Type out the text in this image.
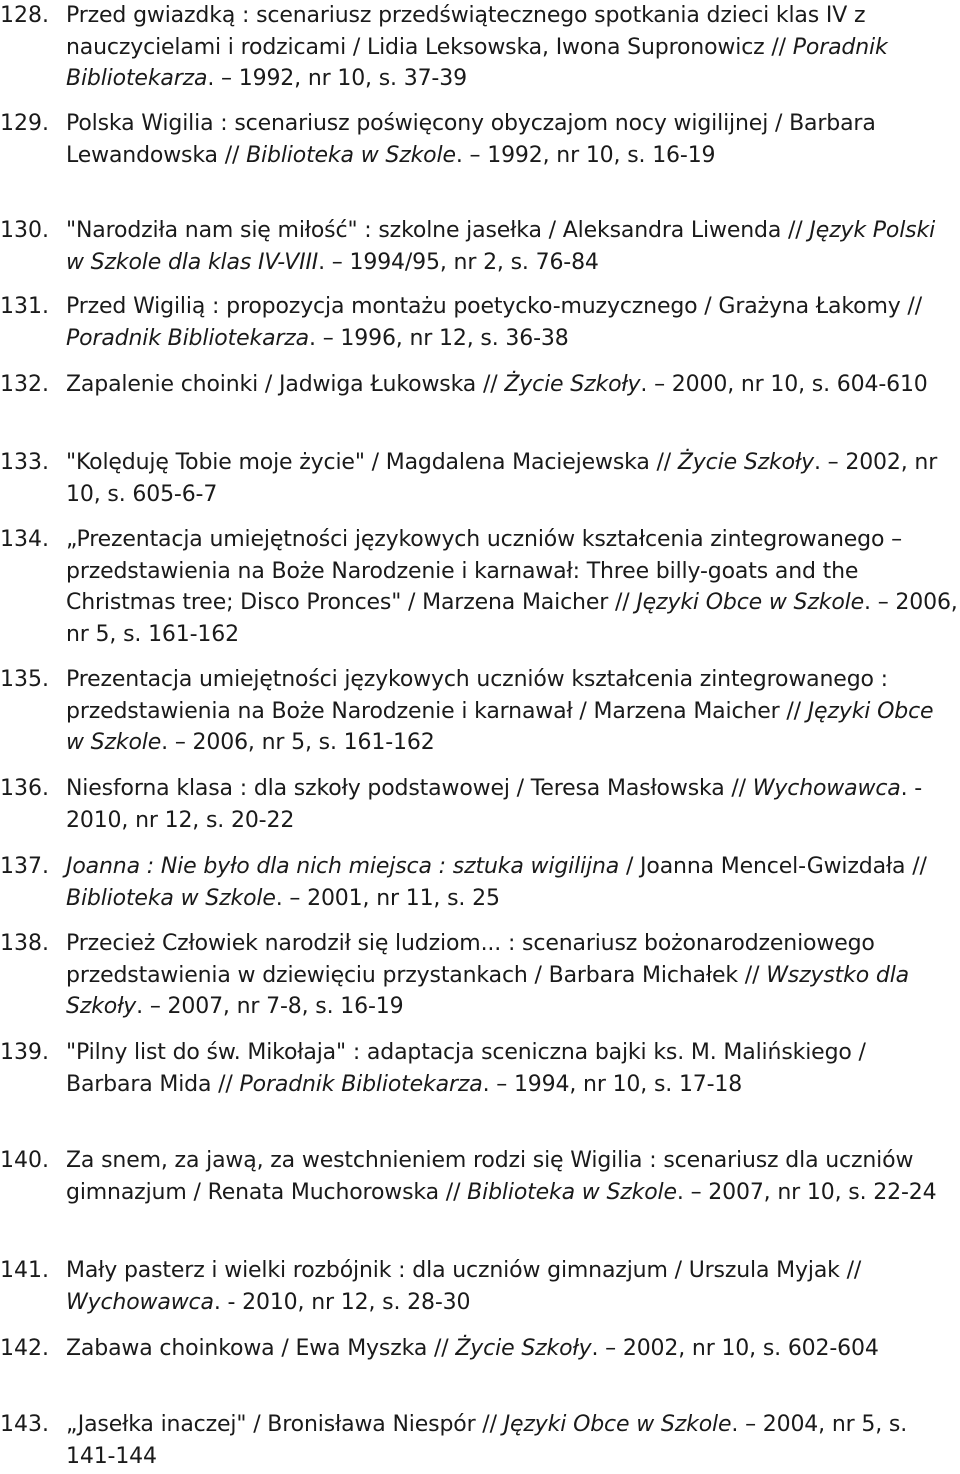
128. Przed gwiazdką : scenariusz przedświątecznego spotkania dzieci klas IV z nauczycielami i rodzicami / Lidia Leksowska, Iwona Supronowicz // Poradnik Bibliotekarza. – 1992, nr 10, s. 37-39
129. Polska Wigilia : scenariusz poświęcony obyczajom nocy wigilijnej / Barbara Lewandowska // Biblioteka w Szkole. – 1992, nr 10, s. 16-19
130. "Narodziła nam się miłość" : szkolne jasełka / Aleksandra Liwenda // Język Polski w Szkole dla klas IV-VIII. – 1994/95, nr 2, s. 76-84
131. Przed Wigilią : propozycja montażu poetycko-muzycznego / Grażyna Łakomy // Poradnik Bibliotekarza. – 1996, nr 12, s. 36-38
132. Zapalenie choinki / Jadwiga Łukowska // Życie Szkoły. – 2000, nr 10, s. 604-610
133. "Kolęduję Tobie moje życie" / Magdalena Maciejewska // Życie Szkoły. – 2002, nr 10, s. 605-6-7
134. „Prezentacja umiejętności językowych uczniów kształcenia zintegrowanego – przedstawienia na Boże Narodzenie i karnawał: Three billy-goats and the Christmas tree; Disco Pronces" / Marzena Maicher // Języki Obce w Szkole. – 2006, nr 5, s. 161-162
135. Prezentacja umiejętności językowych uczniów kształcenia zintegrowanego : przedstawienia na Boże Narodzenie i karnawał / Marzena Maicher // Języki Obce w Szkole. – 2006, nr 5, s. 161-162
136. Niesforna klasa : dla szkoły podstawowej / Teresa Masłowska // Wychowawca. - 2010, nr 12, s. 20-22
137. Joanna : Nie było dla nich miejsca : sztuka wigilijna / Joanna Mencel-Gwizdała // Biblioteka w Szkole. – 2001, nr 11, s. 25
138. Przecież Człowiek narodził się ludziom... : scenariusz bożonarodzeniowego przedstawienia w dziewięciu przystankach / Barbara Michałek // Wszystko dla Szkoły. – 2007, nr 7-8, s. 16-19
139. "Pilny list do św. Mikołaja" : adaptacja sceniczna bajki ks. M. Malińskiego / Barbara Mida // Poradnik Bibliotekarza. – 1994, nr 10, s. 17-18
140. Za snem, za jawą, za westchnieniem rodzi się Wigilia : scenariusz dla uczniów gimnazjum / Renata Muchorowska // Biblioteka w Szkole. – 2007, nr 10, s. 22-24
141. Mały pasterz i wielki rozbójnik : dla uczniów gimnazjum / Urszula Myjak // Wychowawca. - 2010, nr 12, s. 28-30
142. Zabawa choinkowa / Ewa Myszka // Życie Szkoły. – 2002, nr 10, s. 602-604
143. „Jasełka inaczej" / Bronisława Niespór // Języki Obce w Szkole. – 2004, nr 5, s. 141-144
